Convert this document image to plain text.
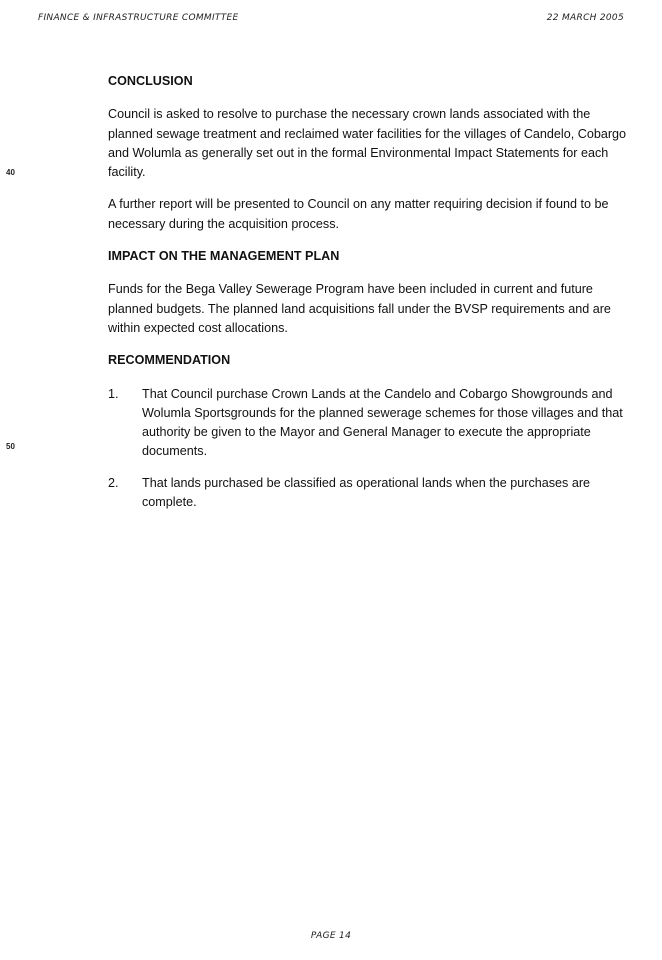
FINANCE & INFRASTRUCTURE COMMITTEE	22 MARCH 2005
40
50
CONCLUSION

Council is asked to resolve to purchase the necessary crown lands associated with the planned sewage treatment and reclaimed water facilities for the villages of Candelo, Cobargo and Wolumla as generally set out in the formal Environmental Impact Statements for each facility.

A further report will be presented to Council on any matter requiring decision if found to be necessary during the acquisition process.

IMPACT ON THE MANAGEMENT PLAN

Funds for the Bega Valley Sewerage Program have been included in current and future planned budgets. The planned land acquisitions fall under the BVSP requirements and are within expected cost allocations.

RECOMMENDATION
1.	That Council purchase Crown Lands at the Candelo and Cobargo Showgrounds and Wolumla Sportsgrounds for the planned sewerage schemes for those villages and that authority be given to the Mayor and General Manager to execute the appropriate documents.
2.	That lands purchased be classified as operational lands when the purchases are complete.
PAGE 14
